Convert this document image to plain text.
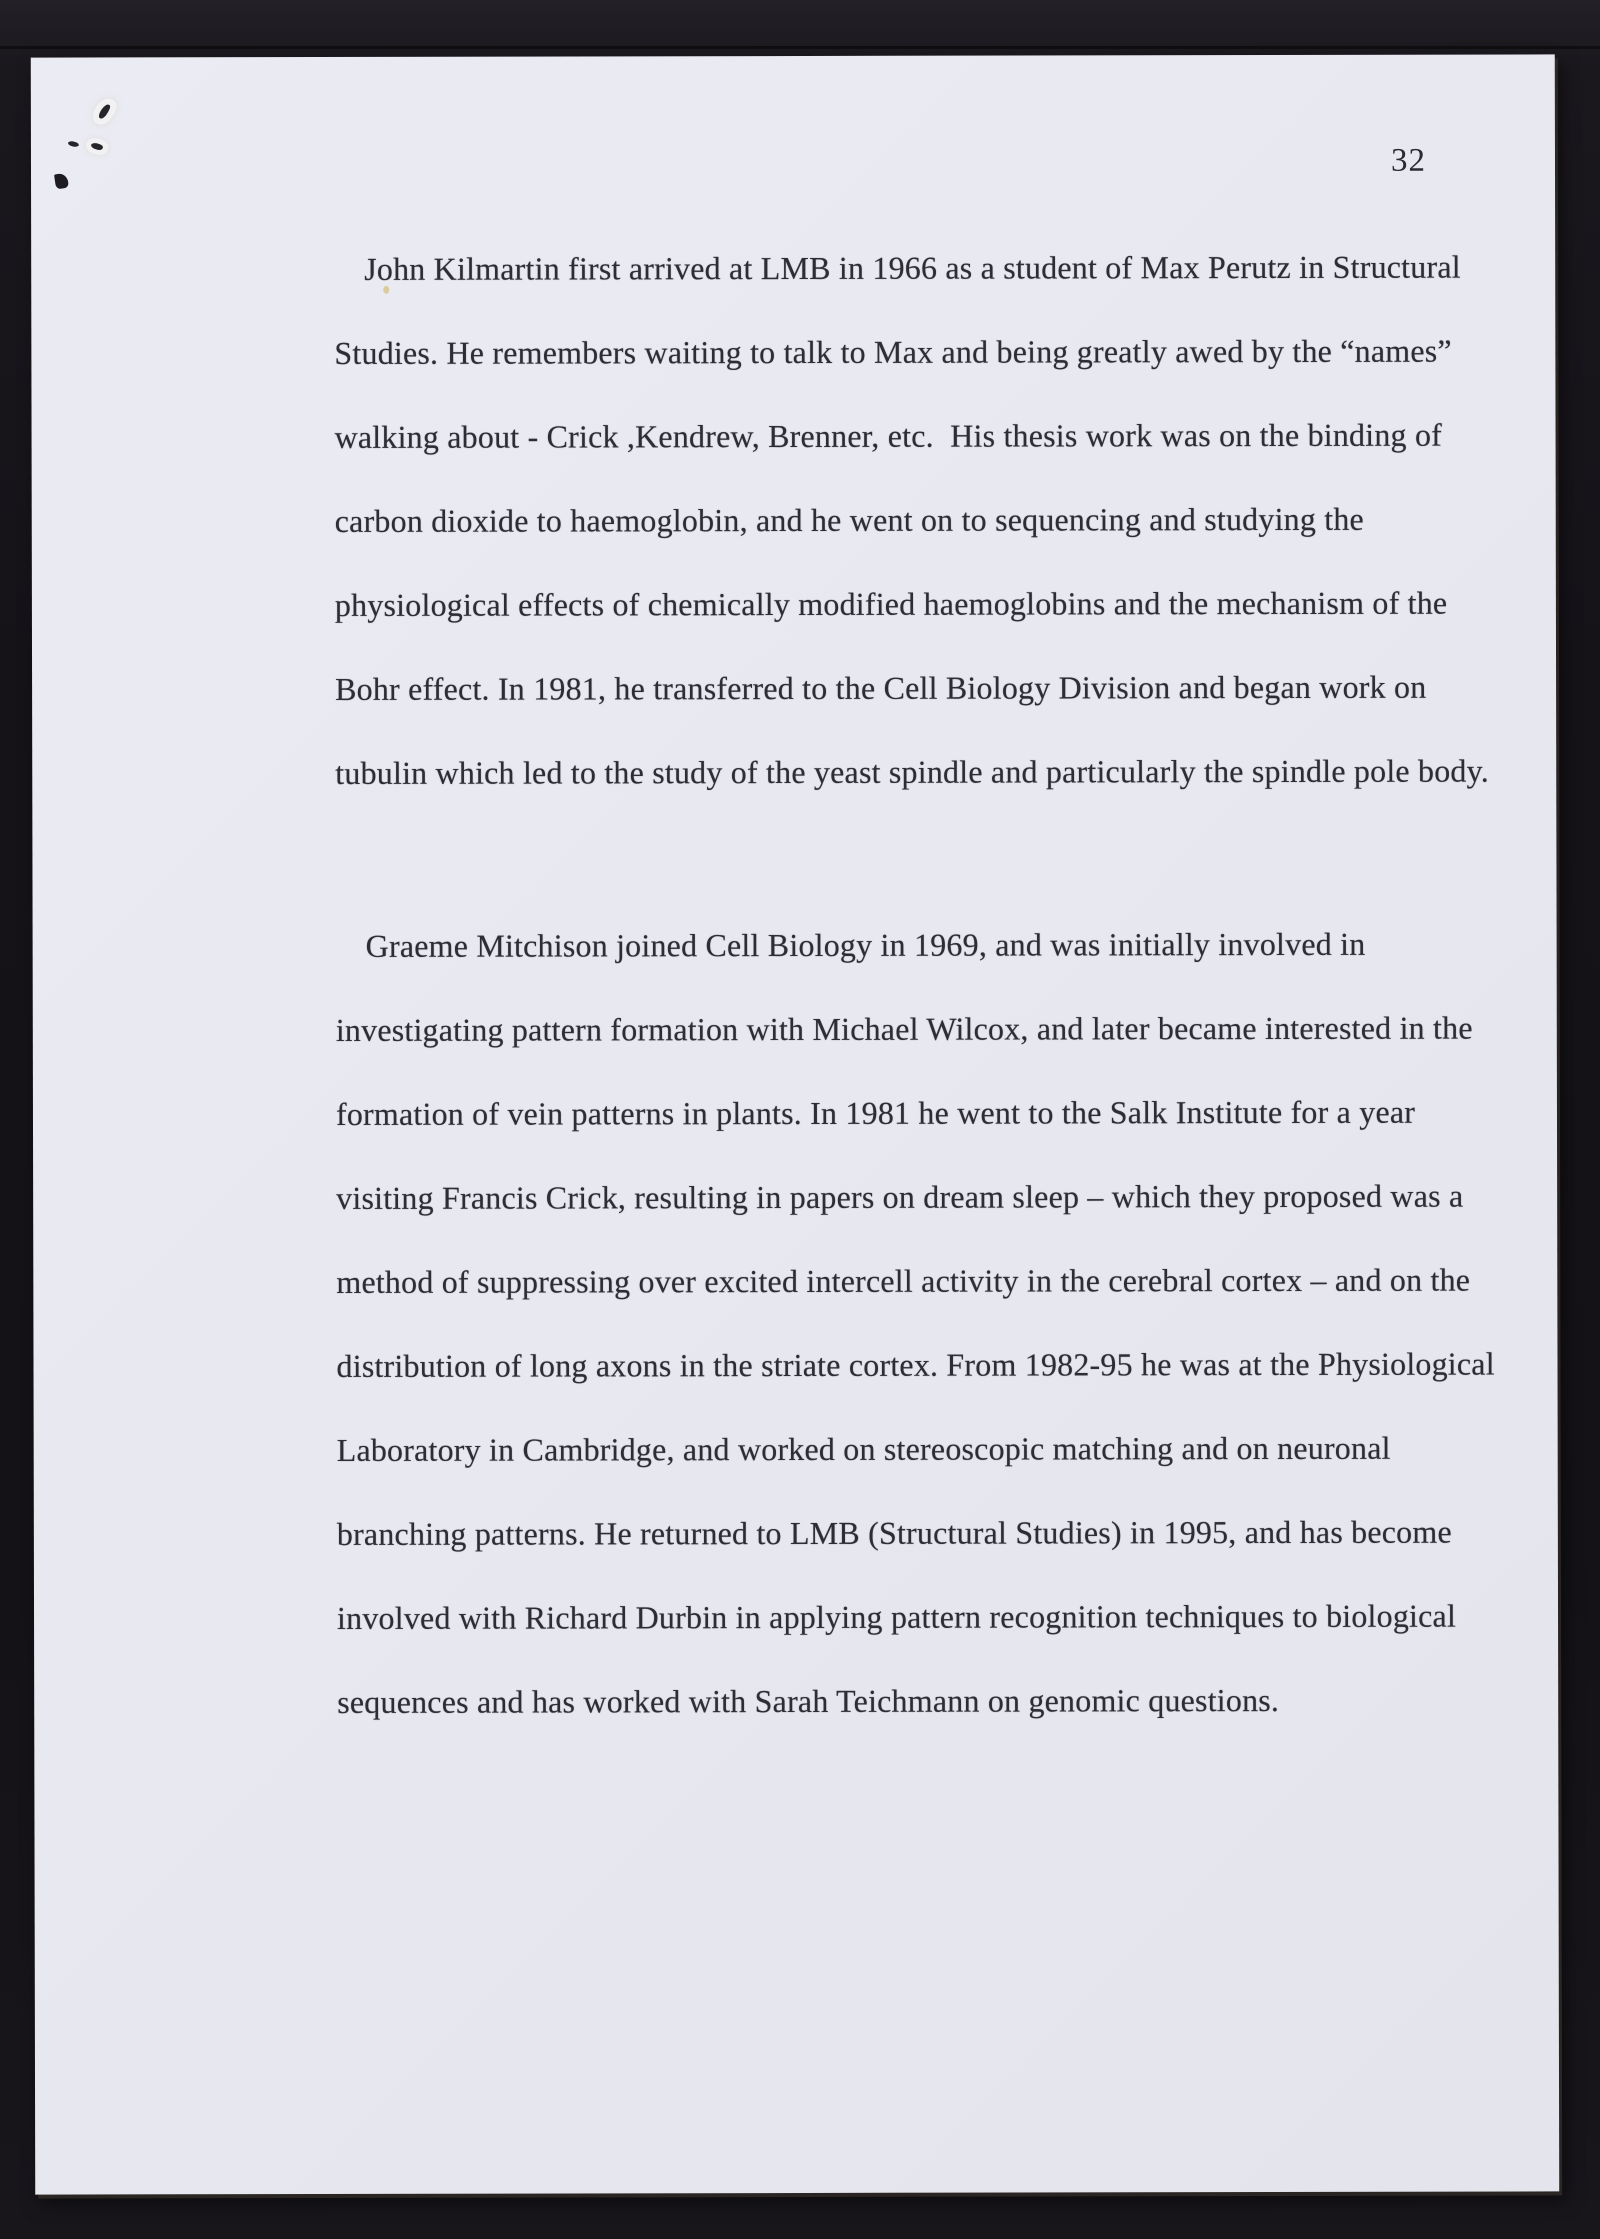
32
John Kilmartin first arrived at LMB in 1966 as a student of Max Perutz in Structural
Studies. He remembers waiting to talk to Max and being greatly awed by the “names”
walking about - Crick ,Kendrew, Brenner, etc.  His thesis work was on the binding of
carbon dioxide to haemoglobin, and he went on to sequencing and studying the
physiological effects of chemically modified haemoglobins and the mechanism of the
Bohr effect. In 1981, he transferred to the Cell Biology Division and began work on
tubulin which led to the study of the yeast spindle and particularly the spindle pole body.
Graeme Mitchison joined Cell Biology in 1969, and was initially involved in
investigating pattern formation with Michael Wilcox, and later became interested in the
formation of vein patterns in plants. In 1981 he went to the Salk Institute for a year
visiting Francis Crick, resulting in papers on dream sleep – which they proposed was a
method of suppressing over excited intercell activity in the cerebral cortex – and on the
distribution of long axons in the striate cortex. From 1982-95 he was at the Physiological
Laboratory in Cambridge, and worked on stereoscopic matching and on neuronal
branching patterns. He returned to LMB (Structural Studies) in 1995, and has become
involved with Richard Durbin in applying pattern recognition techniques to biological
sequences and has worked with Sarah Teichmann on genomic questions.
